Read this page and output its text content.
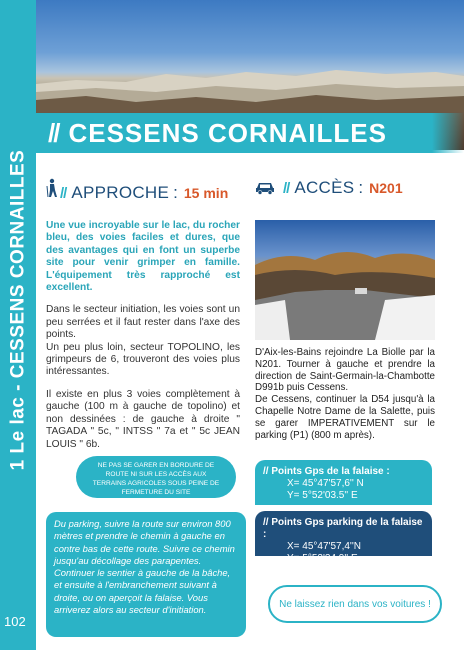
1 Le lac - CESSENS CORNAILLES
102
// CESSENS CORNAILLES
// APPROCHE : 15 min	// ACCÈS : N201

Une vue incroyable sur le lac, du rocher bleu, des voies faciles et dures, que des avantages qui en font un superbe site pour venir grimper en famille. L'équipement très rapproché est excellent.

Dans le secteur initiation, les voies sont un peu serrées et il faut rester dans l'axe des points.

Un peu plus loin, secteur TOPOLINO, les grimpeurs de 6, trouveront des voies plus intéressantes.

Il existe en plus 3 voies complètement à gauche (100 m à gauche de topolino) et non dessinées : de gauche à droite " TAGADA " 5c, " INTSS " 7a et " 5c JEAN LOUIS " 6b.

D'Aix-les-Bains rejoindre La Biolle par la N201. Tourner à gauche et prendre la direction de Saint-Germain-la-Chambotte D991b puis Cessens.

De Cessens, continuer la D54 jusqu'à la Chapelle Notre Dame de la Salette, puis se garer IMPERATIVEMENT sur le parking (P1) (800 m après).

NE PAS SE GARER EN BORDURE DE ROUTE NI SUR LES ACCÈS AUX TERRAINS AGRICOLES SOUS PEINE DE FERMETURE DU SITE
// Points Gps de la falaise :
X= 45°47'57,6'' N
Y= 5°52'03.5'' E
// Points Gps parking de la falaise :
X= 45°47'57,4''N
Y= 5°52'24,9'' E
Du parking, suivre la route sur environ 800 mètres et prendre le chemin à gauche en contre bas de cette route. Suivre ce chemin jusqu'au décollage des parapentes. Continuer le sentier à gauche de la bâche, et ensuite à l'embranchement suivant à droite, ou on aperçoit la falaise. Vous arriverez alors au secteur d'initiation.
Ne laissez rien dans vos voitures !
